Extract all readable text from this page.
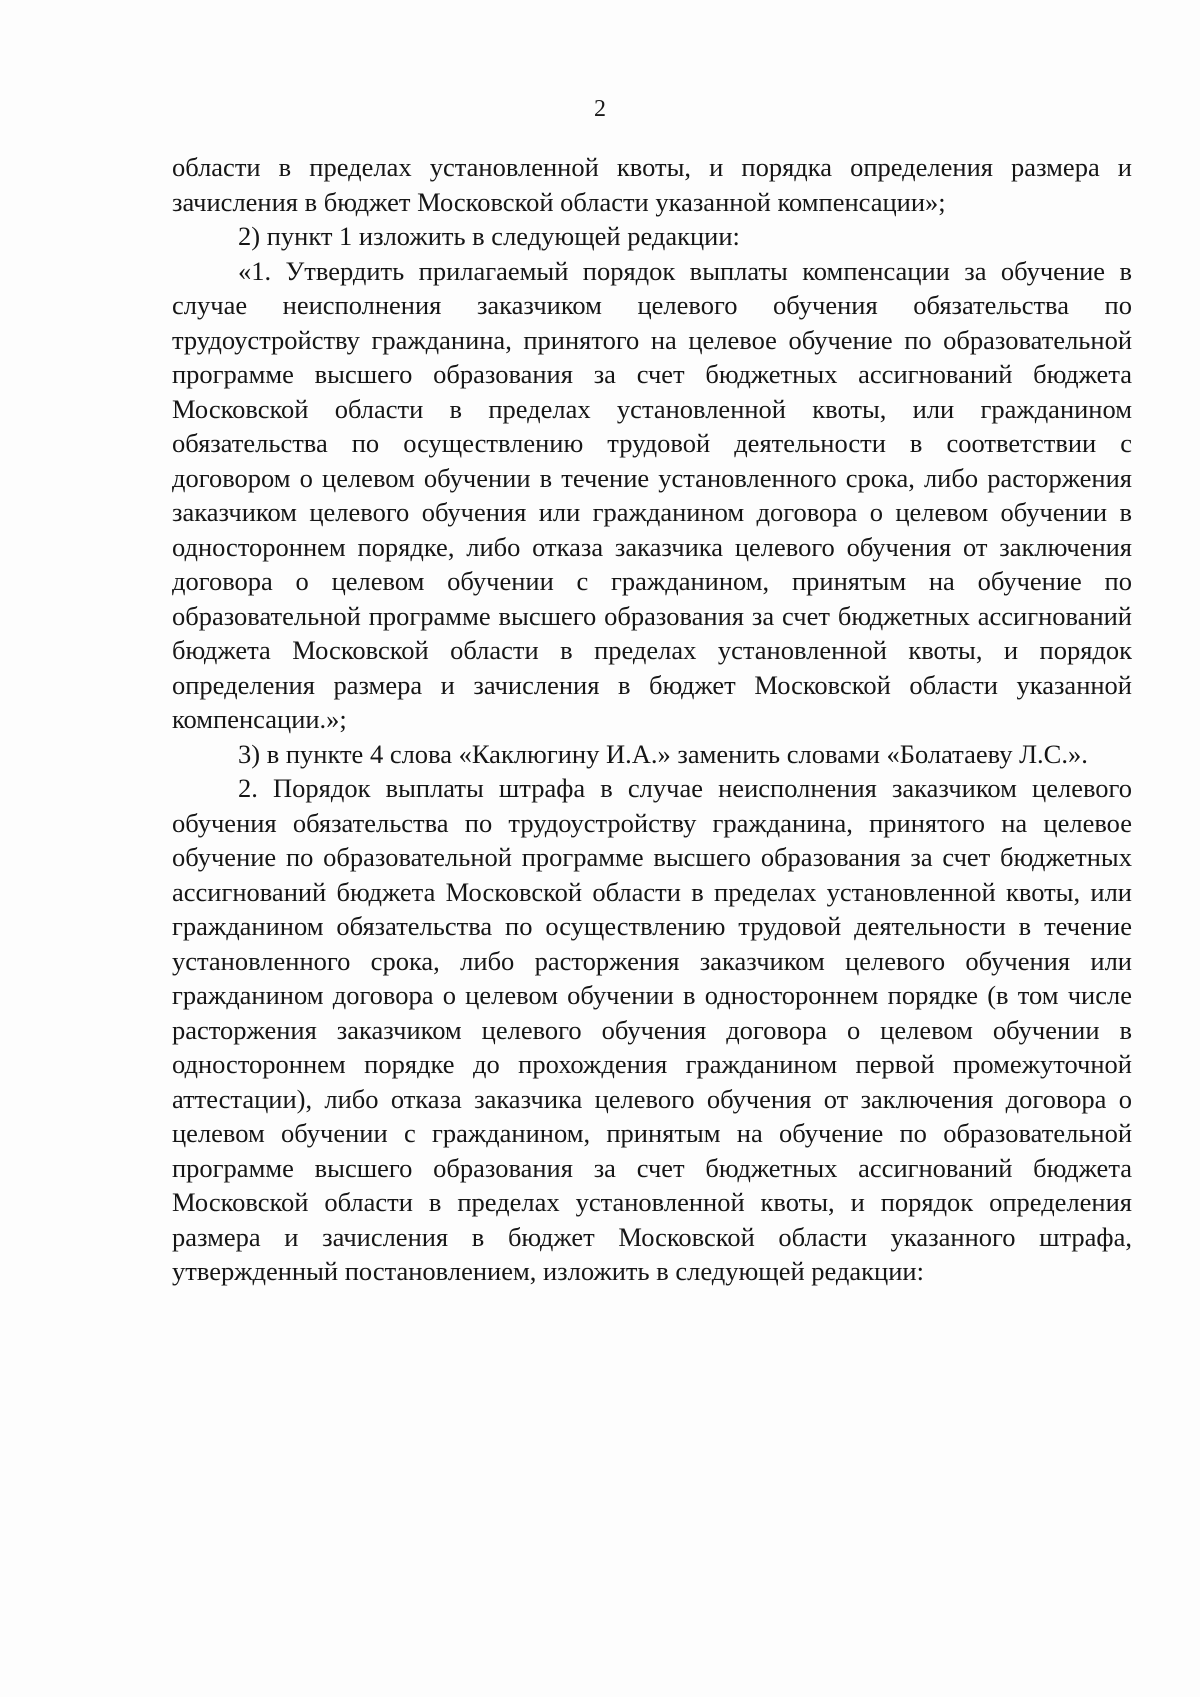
2

области в пределах установленной квоты, и порядка определения размера и зачисления в бюджет Московской области указанной компенсации»;

2) пункт 1 изложить в следующей редакции:

«1. Утвердить прилагаемый порядок выплаты компенсации за обучение в случае неисполнения заказчиком целевого обучения обязательства по трудоустройству гражданина, принятого на целевое обучение по образовательной программе высшего образования за счет бюджетных ассигнований бюджета Московской области в пределах установленной квоты, или гражданином обязательства по осуществлению трудовой деятельности в соответствии с договором о целевом обучении в течение установленного срока, либо расторжения заказчиком целевого обучения или гражданином договора о целевом обучении в одностороннем порядке, либо отказа заказчика целевого обучения от заключения договора о целевом обучении с гражданином, принятым на обучение по образовательной программе высшего образования за счет бюджетных ассигнований бюджета Московской области в пределах установленной квоты, и порядок определения размера и зачисления в бюджет Московской области указанной компенсации.»;

3) в пункте 4 слова «Каклюгину И.А.» заменить словами «Болатаеву Л.С.».

2. Порядок выплаты штрафа в случае неисполнения заказчиком целевого обучения обязательства по трудоустройству гражданина, принятого на целевое обучение по образовательной программе высшего образования за счет бюджетных ассигнований бюджета Московской области в пределах установленной квоты, или гражданином обязательства по осуществлению трудовой деятельности в течение установленного срока, либо расторжения заказчиком целевого обучения или гражданином договора о целевом обучении в одностороннем порядке (в том числе расторжения заказчиком целевого обучения договора о целевом обучении в одностороннем порядке до прохождения гражданином первой промежуточной аттестации), либо отказа заказчика целевого обучения от заключения договора о целевом обучении с гражданином, принятым на обучение по образовательной программе высшего образования за счет бюджетных ассигнований бюджета Московской области в пределах установленной квоты, и порядок определения размера и зачисления в бюджет Московской области указанного штрафа, утвержденный постановлением, изложить в следующей редакции:
